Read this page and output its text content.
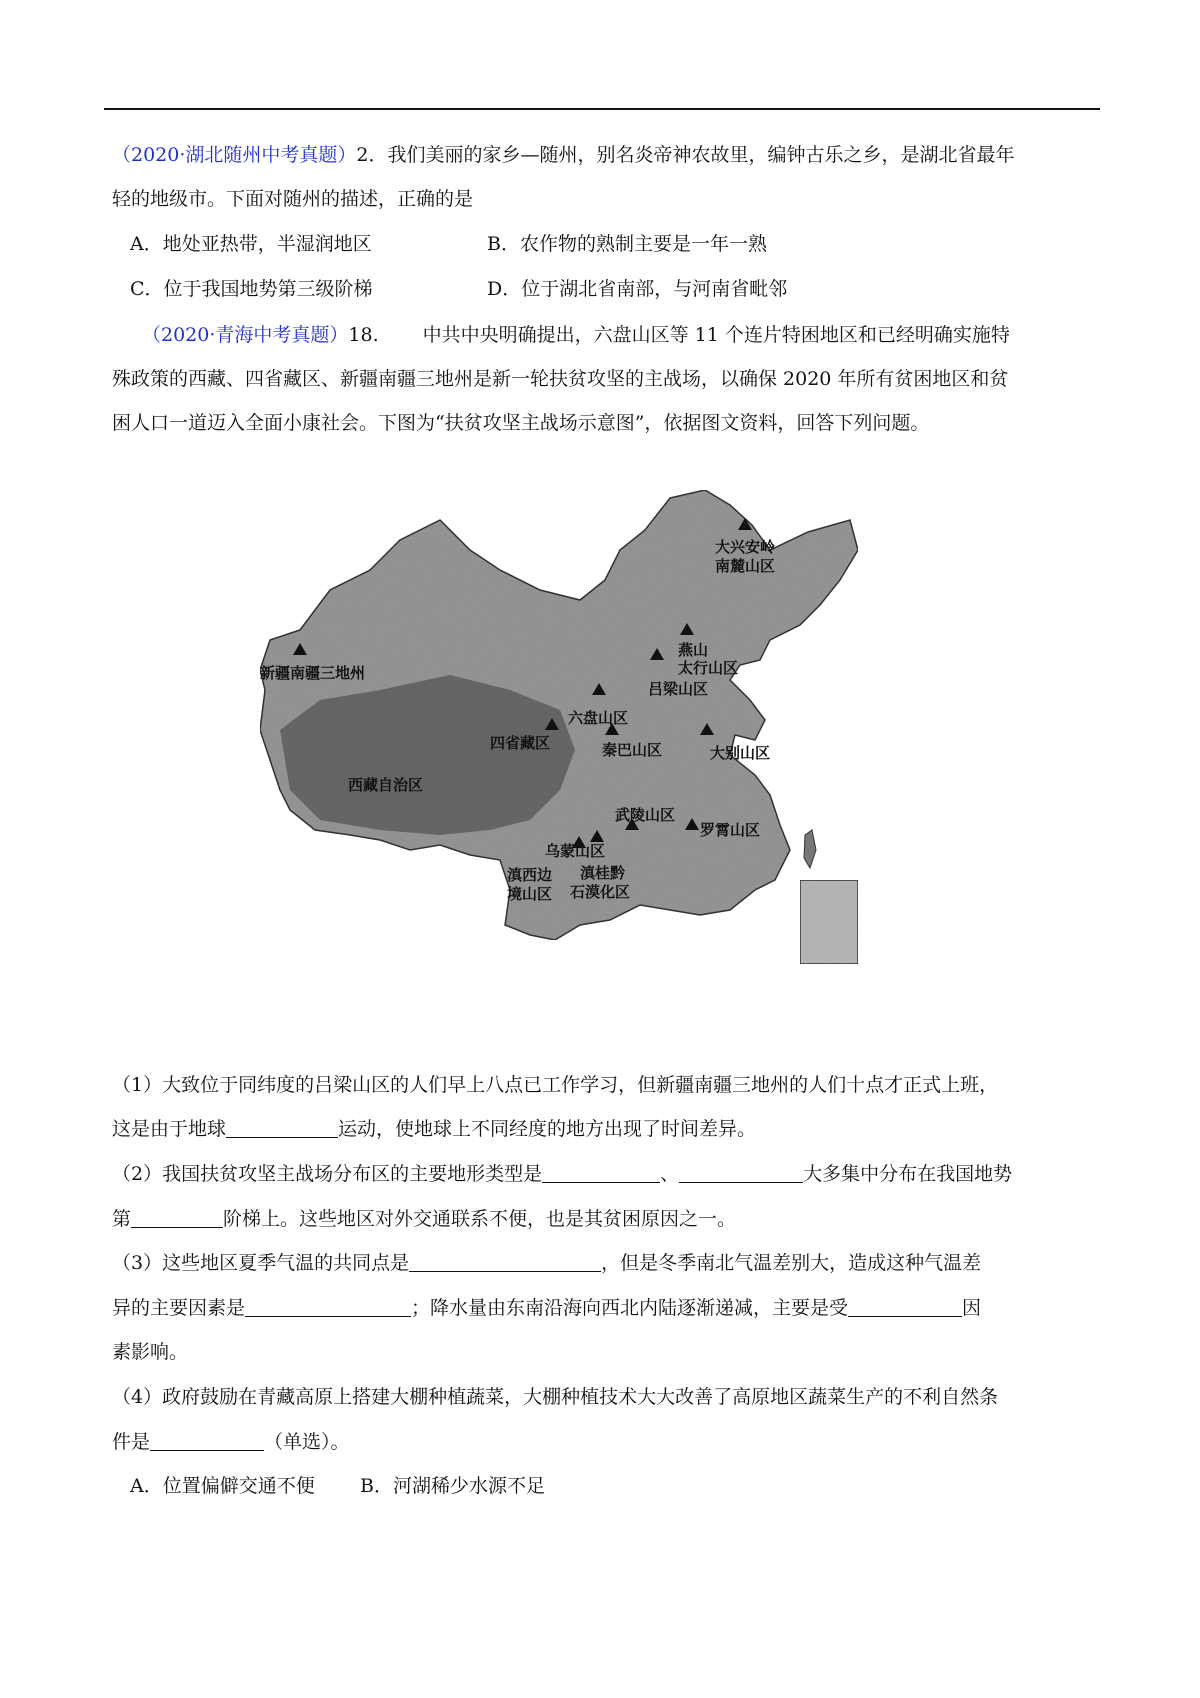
（2020·湖北随州中考真题）2．我们美丽的家乡—随州，别名炎帝神农故里，编钟古乐之乡，是湖北省最年
轻的地级市。下面对随州的描述，正确的是
A．地处亚热带，半湿润地区	B．农作物的熟制主要是一年一熟
C．位于我国地势第三级阶梯	D．位于湖北省南部，与河南省毗邻
（2020·青海中考真题）18. 中共中央明确提出，六盘山区等 11 个连片特困地区和已经明确实施特
殊政策的西藏、四省藏区、新疆南疆三地州是新一轮扶贫攻坚的主战场，以确保 2020 年所有贫困地区和贫
困人口一道迈入全面小康社会。下图为“扶贫攻坚主战场示意图”，依据图文资料，回答下列问题。
大兴安岭
南麓山区
燕山
太行山区
吕梁山区
新疆南疆三地州
六盘山区
四省藏区	秦巴山区	大别山区
西藏自治区
武陵山区
乌蒙山区
罗霄山区
滇西边
境山区
滇桂黔
石漠化区
（1）大致位于同纬度的吕梁山区的人们早上八点已工作学习，但新疆南疆三地州的人们十点才正式上班，
这是由于地球	运动，使地球上不同经度的地方出现了时间差异。
（2）我国扶贫攻坚主战场分布区的主要地形类型是	、	大多集中分布在我国地势
第	阶梯上。这些地区对外交通联系不便，也是其贫困原因之一。
（3）这些地区夏季气温的共同点是	，但是冬季南北气温差别大，造成这种气温差
异的主要因素是	；降水量由东南沿海向西北内陆逐渐递减，主要是受	因
素影响。
（4）政府鼓励在青藏高原上搭建大棚种植蔬菜，大棚种植技术大大改善了高原地区蔬菜生产的不利自然条
件是	（单选）。
A．位置偏僻交通不便 B．河湖稀少水源不足
